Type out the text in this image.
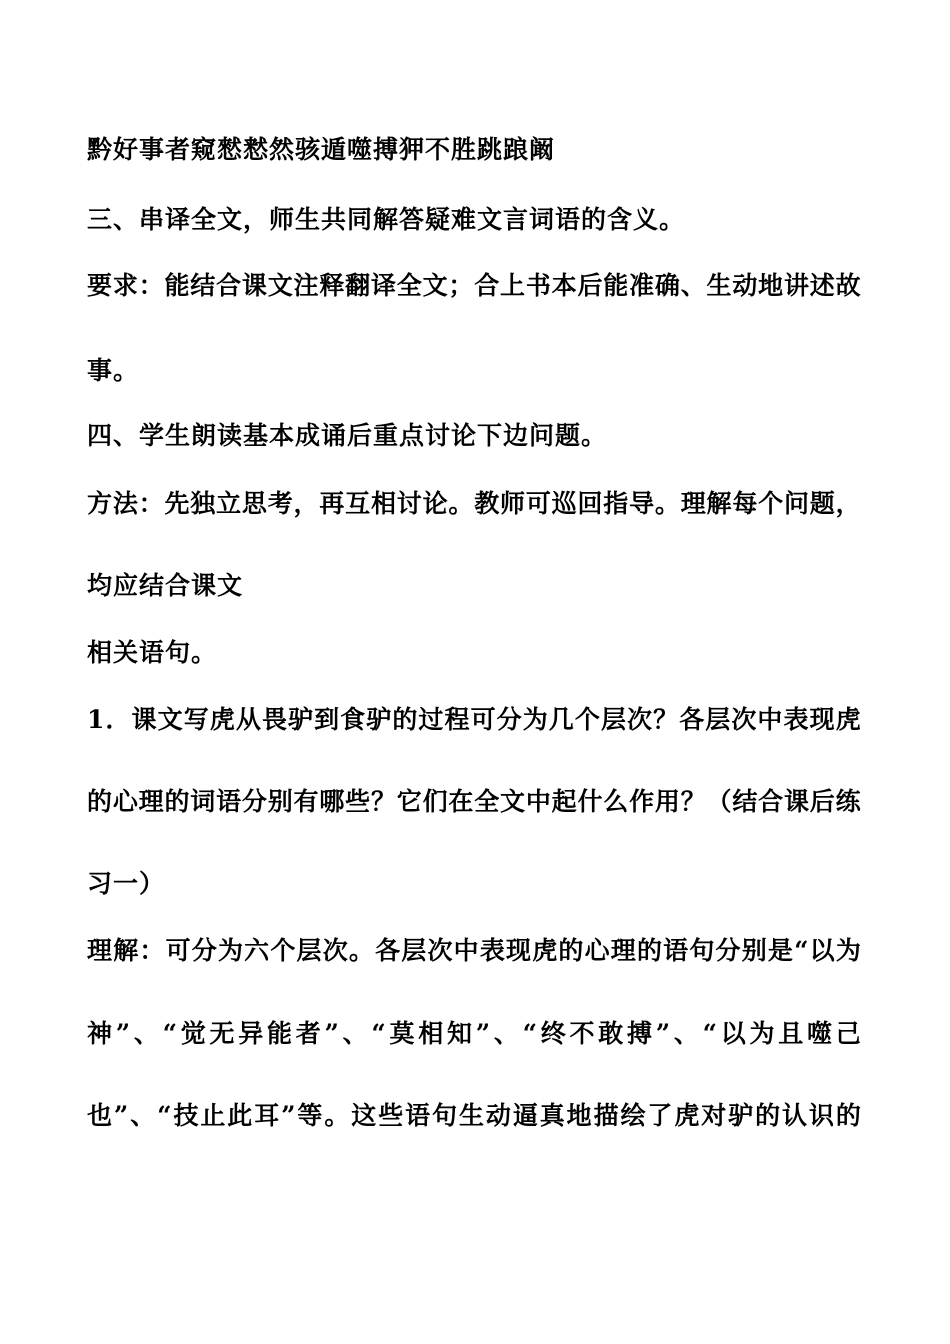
黔好事者窥憖慭然骇遁噬搏狎不胜跳踉阚

三、串译全文，师生共同解答疑难文言词语的含义。

要 求 ： 能 结 合 课 文 注 释 翻 译 全 文 ； 合 上 书 本 后 能 准 确 、 生 动 地 讲 述 故

事。

四、学生朗读基本成诵后重点讨论下边问题。

方 法 ： 先 独 立 思 考 ， 再 互 相 讨 论 。 教 师 可 巡 回 指 导 。 理 解 每 个 问 题 ，

均应结合课文

相关语句。

1 ． 课 文 写 虎 从 畏 驴 到 食 驴 的 过 程 可 分 为 几 个 层 次 ？ 各 层 次 中 表 现 虎

的 心 理 的 词 语 分 别 有 哪 些 ？ 它 们 在 全 文 中 起 什 么 作 用 ？ （ 结 合 课 后 练

习一）

理 解 ： 可 分 为 六 个 层 次 。 各 层 次 中 表 现 虎 的 心 理 的 语 句 分 别 是 “ 以 为

神 ” 、 “ 觉 无 异 能 者 ” 、 “ 莫 相 知 ” 、 “ 终 不 敢 搏 ” 、 “ 以 为 且 噬 己

也 ” 、 “ 技 止 此 耳 ” 等 。 这 些 语 句 生 动 逼 真 地 描 绘 了 虎 对 驴 的 认 识 的
